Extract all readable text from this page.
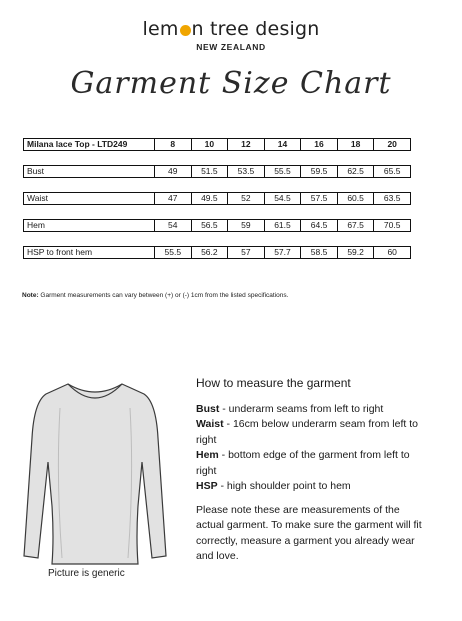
lem n tree design
NEW ZEALAND
Garment Size Chart
Milana lace Top - LTD249	8	10	12	14	16	18	20

Bust	49	51.5	53.5	55.5	59.5	62.5	65.5

Waist	47	49.5	52	54.5	57.5	60.5	63.5

Hem	54	56.5	59	61.5	64.5	67.5	70.5

HSP to front hem	55.5	56.2	57	57.7	58.5	59.2	60
Note: Garment measurements can vary between (+) or (-) 1cm from the listed specifications.
Picture is generic
How to measure the garment
Bust - underarm seams from left to right
Waist - 16cm below underarm seam from left to right
Hem - bottom edge of the garment from left to right
HSP - high shoulder point to hem
Please note these are measurements of the actual garment. To make sure the garment will fit correctly, measure a garment you already wear and love.
